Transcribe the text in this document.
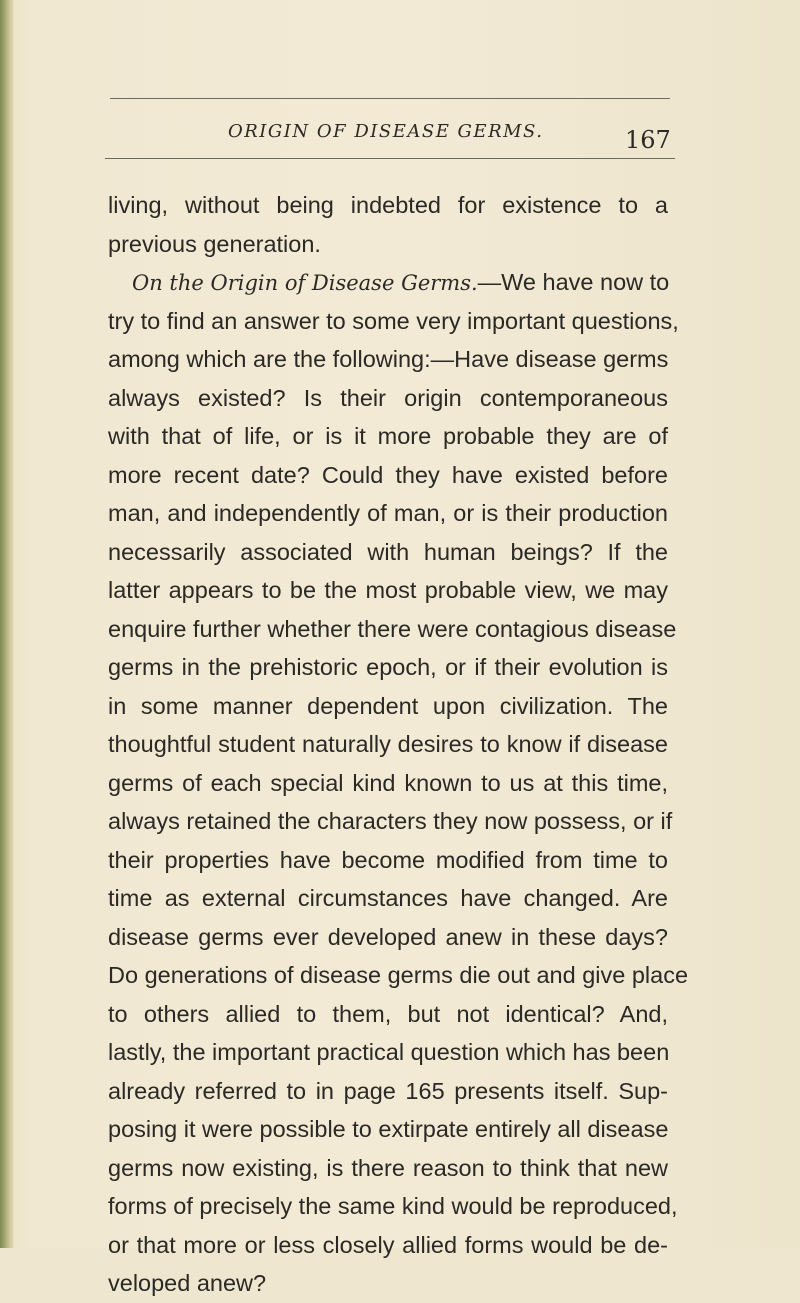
ORIGIN OF DISEASE GERMS.	167
living, without being indebted for existence to a
previous generation.
On the Origin of Disease Germs.—We have now to
try to find an answer to some very important questions,
among which are the following:—Have disease germs
always existed? Is their origin contemporaneous
with that of life, or is it more probable they are of
more recent date? Could they have existed before
man, and independently of man, or is their production
necessarily associated with human beings? If the
latter appears to be the most probable view, we may
enquire further whether there were contagious disease
germs in the prehistoric epoch, or if their evolution is
in some manner dependent upon civilization. The
thoughtful student naturally desires to know if disease
germs of each special kind known to us at this time,
always retained the characters they now possess, or if
their properties have become modified from time to
time as external circumstances have changed. Are
disease germs ever developed anew in these days?
Do generations of disease germs die out and give place
to others allied to them, but not identical? And,
lastly, the important practical question which has been
already referred to in page 165 presents itself. Sup-
posing it were possible to extirpate entirely all disease
germs now existing, is there reason to think that new
forms of precisely the same kind would be reproduced,
or that more or less closely allied forms would be de-
veloped anew?
